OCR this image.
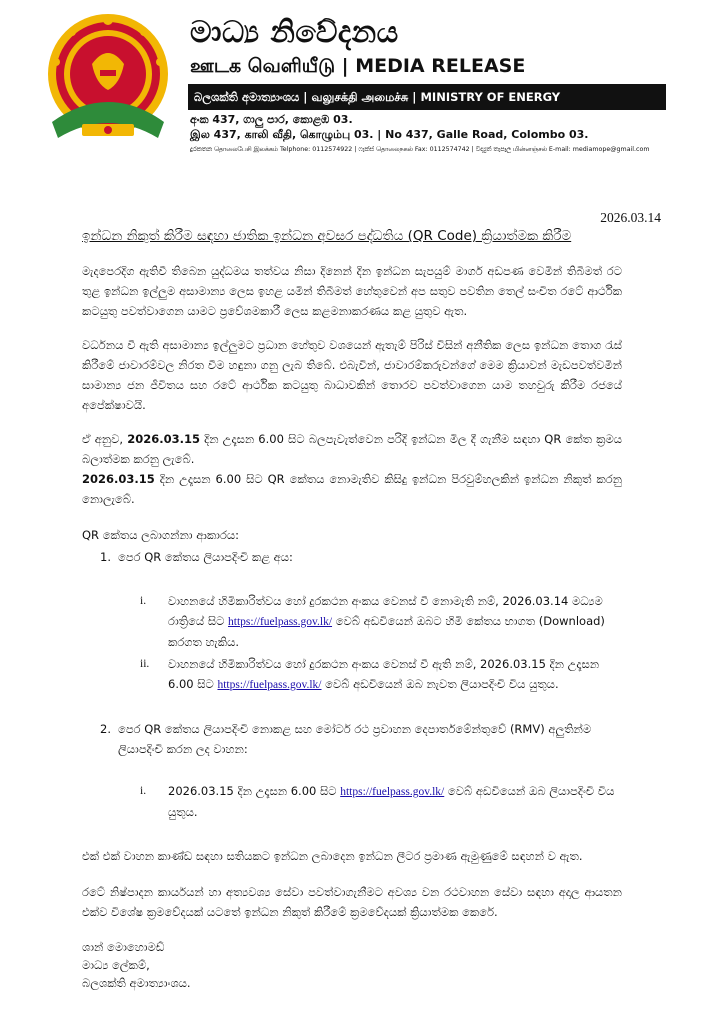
මාධ්‍ය නිවේදනය
ஊடக வெளியீடு | MEDIA RELEASE
බලශක්ති අමාත්‍යාංශය | வலுசக்தி அமைச்சு | MINISTRY OF ENERGY
අංක 437, ගාලු පාර, කොළඹ 03.
இல 437, காலி வீதி, கொழும்பு 03. | No 437, Galle Road, Colombo 03.
දුරකතන தொலைபேசி இலக்கம் Telphone: 0112574922 | ෆැක්ස් தொலைநகல் Fax: 0112574742 | විද්‍යුත් තැපෑල மின்னஞ்சல் E-mail: mediamope@gmail.com
2026.03.14

ඉන්ධන නිකුත් කිරීම සඳහා ජාතික ඉන්ධන අවසර පද්ධතිය (QR Code) ක්‍රියාත්මක කිරීම

මැදපෙරදිග ඇතිවී තිබෙන යුද්ධමය තත්වය නිසා දිනෙන් දින ඉන්ධන සැපයුම් මාර්ග අඩපණ වෙමින් තිබීමත් රට තුළ ඉන්ධන ඉල්ලුම අසාමාන්‍ය ලෙස ඉහළ යමින් තිබීමත් හේතුවෙන් අප සතුව පවතින තෙල් සංචිත රටේ ආර්ථික කටයුතු පවත්වාගෙන යාමට ප්‍රවේශමකාරී ලෙස කළමනාකරණය කළ යුතුව ඇත.

වර්ධනය වී ඇති අසාමාන්‍ය ඉල්ලුමට ප්‍රධාන හේතුව වශයෙන් ඇතැම් පිරිස් විසින් අනීතික ලෙස ඉන්ධන තොග රැස් කිරීමේ ජාවාරම්වල නිරත වීම හඳුනා ගනු ලැබ තිබේ. එබැවින්, ජාවාරම්කරුවන්ගේ මෙම ක්‍රියාවන් මැඩපවත්වමින් සාමාන්‍ය ජන ජීවිතය සහ රටේ ආර්ථික කටයුතු බාධාවකින් තොරව පවත්වාගෙන යාම තහවුරු කිරීම රජයේ අපේක්ෂාවයි.

ඒ අනුව, 2026.03.15 දින උදෑසන 6.00 සිට බලපැවැත්වෙන පරිදි ඉන්ධන මිල දී ගැනීම සඳහා QR කේත ක්‍රමය බලාත්මක කරනු ලැබේ.
2026.03.15 දින උදෑසන 6.00 සිට QR කේතය නොමැතිව කිසිදු ඉන්ධන පිරවුම්හලකින් ඉන්ධන නිකුත් කරනු නොලැබේ.

QR කේතය ලබාගන්නා ආකාරය:

1. පෙර QR කේතය ලියාපදිංචි කළ අය:
i. වාහනයේ හිමිකාරිත්වය හෝ දුරකථන අංකය වෙනස් වී නොමැති නම්, 2026.03.14 මධ්‍යම රාත්‍රියේ සිට https://fuelpass.gov.lk/ වෙබ් අඩවියෙන් ඔබට හිමි කේතය භාගත (Download) කරගත හැකිය.
ii. වාහනයේ හිමිකාරිත්වය හෝ දුරකථන අංකය වෙනස් වී ඇති නම්, 2026.03.15 දින උදෑසන 6.00 සිට https://fuelpass.gov.lk/ වෙබ් අඩවියෙන් ඔබ නැවත ලියාපදිංචි විය යුතුය.
2. පෙර QR කේතය ලියාපදිංචි නොකළ සහ මෝටර් රථ ප්‍රවාහන දෙපාර්තමේන්තුවේ (RMV) අලුතින්ම ලියාපදිංචි කරන ලද වාහන:
i. 2026.03.15 දින උදෑසන 6.00 සිට https://fuelpass.gov.lk/ වෙබ් අඩවියෙන් ඔබ ලියාපදිංචි විය යුතුය.

එක් එක් වාහන කාණ්ඩ සඳහා සතියකට ඉන්ධන ලබාදෙන ඉන්ධන ලීටර ප්‍රමාණ ඇමුණුමේ සඳහන් ව ඇත.

රටේ නිෂ්පාදන කාර්යයන් හා අත්‍යවශ්‍ය සේවා පවත්වාගැනීමට අවශ්‍ය වන රථවාහන සේවා සඳහා අදාල ආයතන එක්ව විශේෂ ක්‍රමවේදයක් යටතේ ඉන්ධන නිකුත් කිරීමේ ක්‍රමවේදයක් ක්‍රියාත්මක කෙරේ.

ශාන් මොහොමඩ්
මාධ්‍ය ලේකම්,
බලශක්ති අමාත්‍යාංශය.
